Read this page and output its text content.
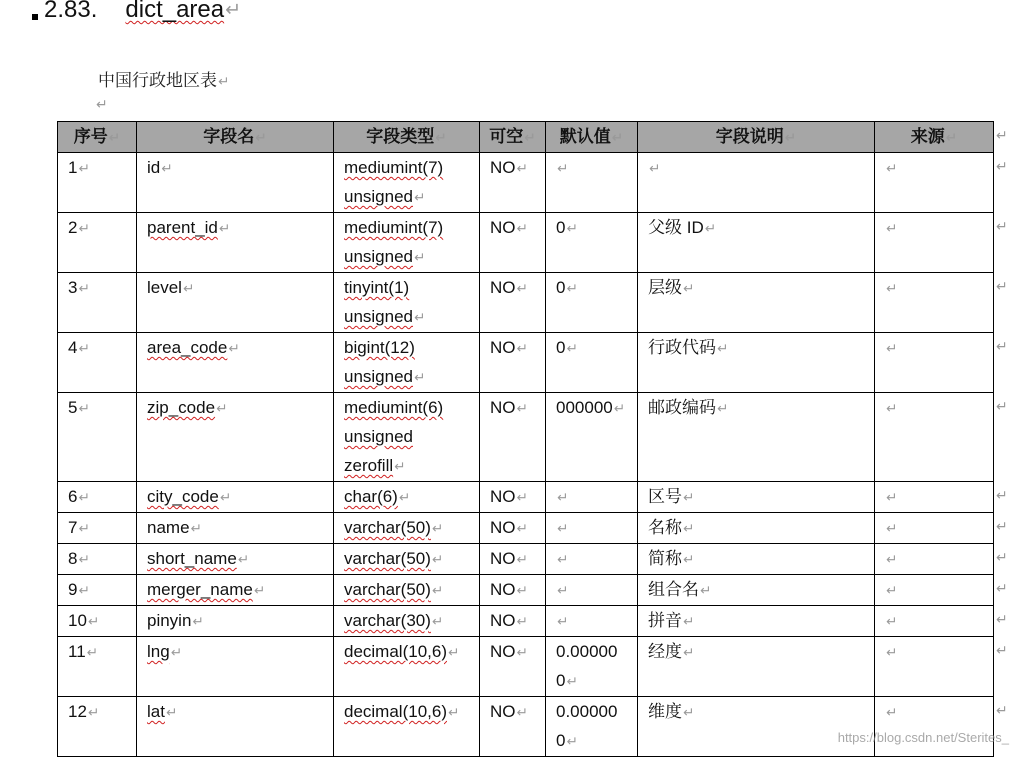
2.83. dict_area ↵
中国行政地区表↵
↵
序号↵	字段名↵	字段类型↵	可空↵	默认值↵	字段说明↵	来源↵
1↵	id↵	mediumint(7)
unsigned↵	NO↵	↵	↵	↵
2↵	parent_id↵	mediumint(7)
unsigned↵	NO↵	0↵	父级 ID↵	↵
3↵	level↵	tinyint(1)
unsigned↵	NO↵	0↵	层级↵	↵
4↵	area_code↵	bigint(12)
unsigned↵	NO↵	0↵	行政代码↵	↵
5↵	zip_code↵	mediumint(6)
unsigned
zerofill↵	NO↵	000000↵	邮政编码↵	↵
6↵	city_code↵	char(6)↵	NO↵	↵	区号↵	↵
7↵	name↵	varchar(50)↵	NO↵	↵	名称↵	↵
8↵	short_name↵	varchar(50)↵	NO↵	↵	简称↵	↵
9↵	merger_name↵	varchar(50)↵	NO↵	↵	组合名↵	↵
10↵	pinyin↵	varchar(30)↵	NO↵	↵	拼音↵	↵
11↵	lng↵	decimal(10,6)↵	NO↵	0.00000
0↵	经度↵	↵
12↵	lat↵	decimal(10,6)↵	NO↵	0.00000
0↵	维度↵	↵
↵
↵
↵
↵
↵
↵
↵
↵
↵
↵
↵
↵
↵
https://blog.csdn.net/Sterites_
